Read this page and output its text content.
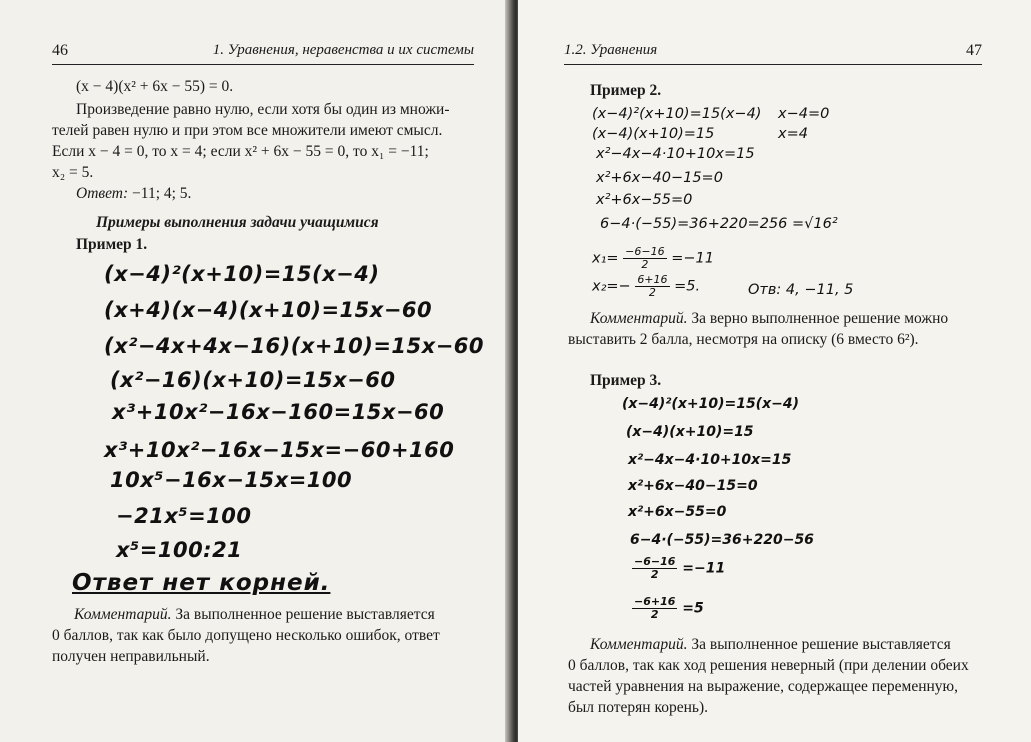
46	1. Уравнения, неравенства и их системы
(x − 4)(x² + 6x − 55) = 0.
Произведение равно нулю, если хотя бы один из множи-
телей равен нулю и при этом все множители имеют смысл.
Если x − 4 = 0, то x = 4; если x² + 6x − 55 = 0, то x₁ = −11;
x₂ = 5.
Ответ: −11; 4; 5.
Примеры выполнения задачи учащимися
Пример 1.
(x−4)²(x+10)=15(x−4)
(x+4)(x−4)(x+10)=15x−60
(x²−4x+4x−16)(x+10)=15x−60
(x²−16)(x+10)=15x−60
x³+10x²−16x−160=15x−60
x³+10x²−16x−15x=−60+160
10x⁵−16x−15x=100
−21x⁵=100
x⁵=100:21
Ответ нет корней.
Комментарий. За выполненное решение выставляется
0 баллов, так как было допущено несколько ошибок, ответ
получен неправильный.
1.2. Уравнения	47
Пример 2.
(x−4)²(x+10)=15(x−4)
(x−4)(x+10)=15
x−4=0
x=4
x²−4x−4·10+10x=15
x²+6x−40−15=0
x²+6x−55=0
6−4·(−55)=36+220=256 =√16²
$x_1= \frac{-6-16}{2} =-11$
$x_2=- \frac{6+16}{2} =5$.	Отв: 4, −11, 5
Комментарий. За верно выполненное решение можно
выставить 2 балла, несмотря на описку (6 вместо 6²).
Пример 3.
(x−4)²(x+10)=15(x−4)
(x−4)(x+10)=15
x²−4x−4·10+10x=15
x²+6x−40−15=0
x²+6x−55=0
6−4·(−55)=36+220−56
$\frac{-6-16}{2} =-11$
$\frac{-6+16}{2} =5$
Комментарий. За выполненное решение выставляется
0 баллов, так как ход решения неверный (при делении обеих
частей уравнения на выражение, содержащее переменную,
был потерян корень).
